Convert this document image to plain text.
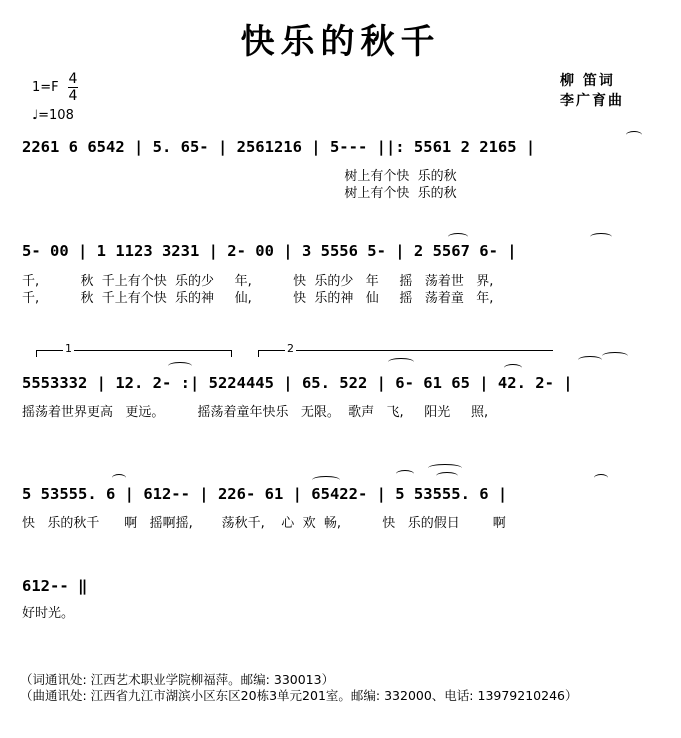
快乐的秋千
1=F
4
4
♩=108
柳 笛词
李广育曲
2261 6 6542 | 5. 65- | 2561216 | 5--- ||: 5561 2 2165 |
树上有个快  乐的秋
树上有个快  乐的秋
5- 00 | 1 1123 3231 | 2- 00 | 3 5556 5- | 2 5567 6- |
千,          秋  千上有个快  乐的少     年,          快  乐的少   年     摇   荡着世   界,
千,          秋  千上有个快  乐的神     仙,          快  乐的神   仙     摇   荡着童   年,
1	2
5553332 | 12. 2- :| 5224445 | 65. 522 | 6- 61 65 | 42. 2- |
摇荡着世界更高   更远。        摇荡着童年快乐   无限。  歌声   飞,     阳光     照,
5 53555. 6 | 612-- | 226- 61 | 65422- | 5 53555. 6 |
快   乐的秋千      啊   摇啊摇,       荡秋千,    心  欢  畅,          快   乐的假日        啊
612-- ‖
好时光。
（词通讯处: 江西艺术职业学院柳福萍。邮编: 330013）
（曲通讯处: 江西省九江市湖滨小区东区20栋3单元201室。邮编: 332000、电话: 13979210246）
